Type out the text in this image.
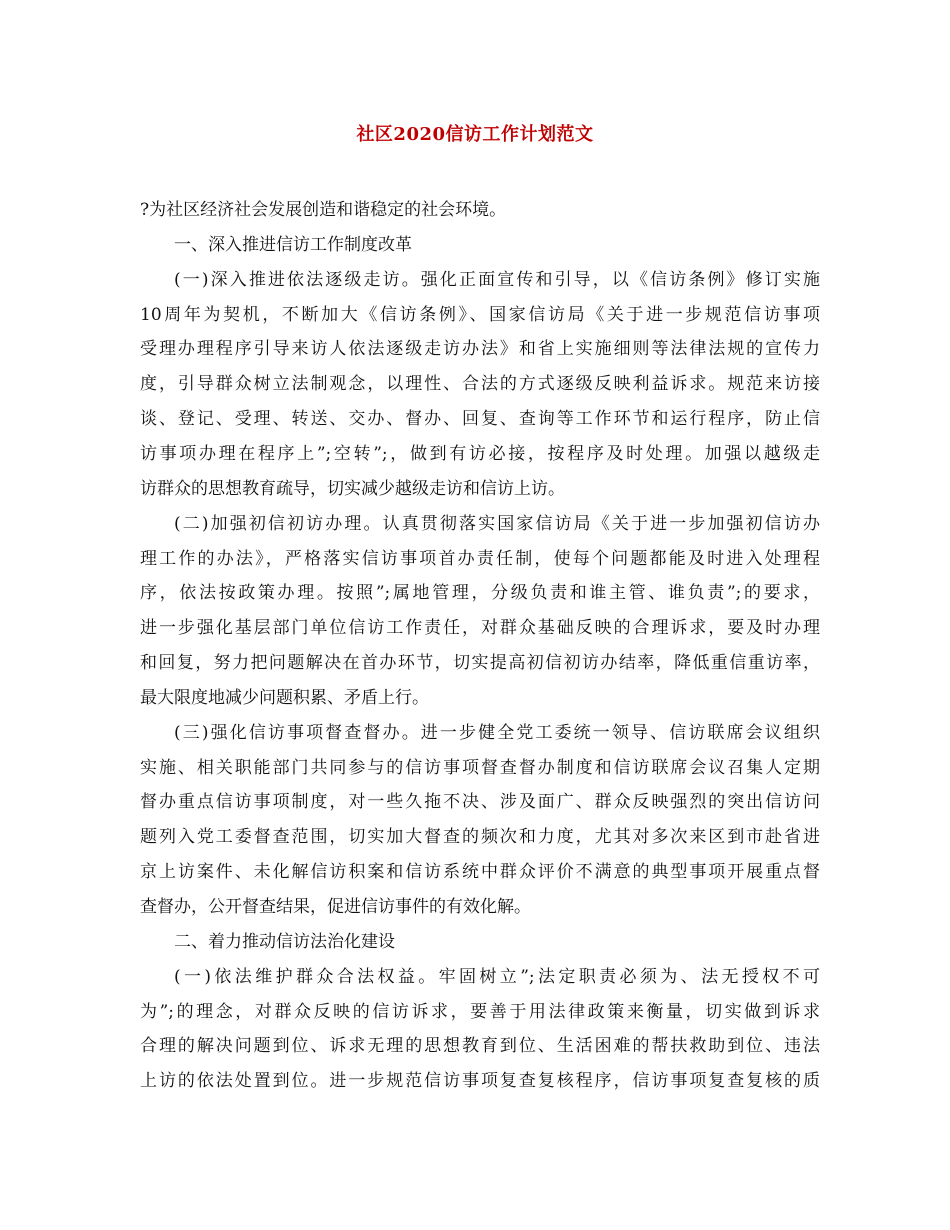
社区2020信访工作计划范文
?为社区经济社会发展创造和谐稳定的社会环境。
一、深入推进信访工作制度改革
(一)深入推进依法逐级走访。强化正面宣传和引导，以《信访条例》修订实施
10周年为契机，不断加大《信访条例》、国家信访局《关于进一步规范信访事项
受理办理程序引导来访人依法逐级走访办法》和省上实施细则等法律法规的宣传力
度，引导群众树立法制观念，以理性、合法的方式逐级反映利益诉求。规范来访接
谈、登记、受理、转送、交办、督办、回复、查询等工作环节和运行程序，防止信
访事项办理在程序上”;空转”;，做到有访必接，按程序及时处理。加强以越级走
访群众的思想教育疏导，切实减少越级走访和信访上访。
(二)加强初信初访办理。认真贯彻落实国家信访局《关于进一步加强初信访办
理工作的办法》，严格落实信访事项首办责任制，使每个问题都能及时进入处理程
序，依法按政策办理。按照”;属地管理，分级负责和谁主管、谁负责”;的要求，
进一步强化基层部门单位信访工作责任，对群众基础反映的合理诉求，要及时办理
和回复，努力把问题解决在首办环节，切实提高初信初访办结率，降低重信重访率，
最大限度地减少问题积累、矛盾上行。
(三)强化信访事项督查督办。进一步健全党工委统一领导、信访联席会议组织
实施、相关职能部门共同参与的信访事项督查督办制度和信访联席会议召集人定期
督办重点信访事项制度，对一些久拖不决、涉及面广、群众反映强烈的突出信访问
题列入党工委督查范围，切实加大督查的频次和力度，尤其对多次来区到市赴省进
京上访案件、未化解信访积案和信访系统中群众评价不满意的典型事项开展重点督
查督办，公开督查结果，促进信访事件的有效化解。
二、着力推动信访法治化建设
(一)依法维护群众合法权益。牢固树立”;法定职责必须为、法无授权不可
为”;的理念，对群众反映的信访诉求，要善于用法律政策来衡量，切实做到诉求
合理的解决问题到位、诉求无理的思想教育到位、生活困难的帮扶救助到位、违法
上访的依法处置到位。进一步规范信访事项复查复核程序，信访事项复查复核的质
